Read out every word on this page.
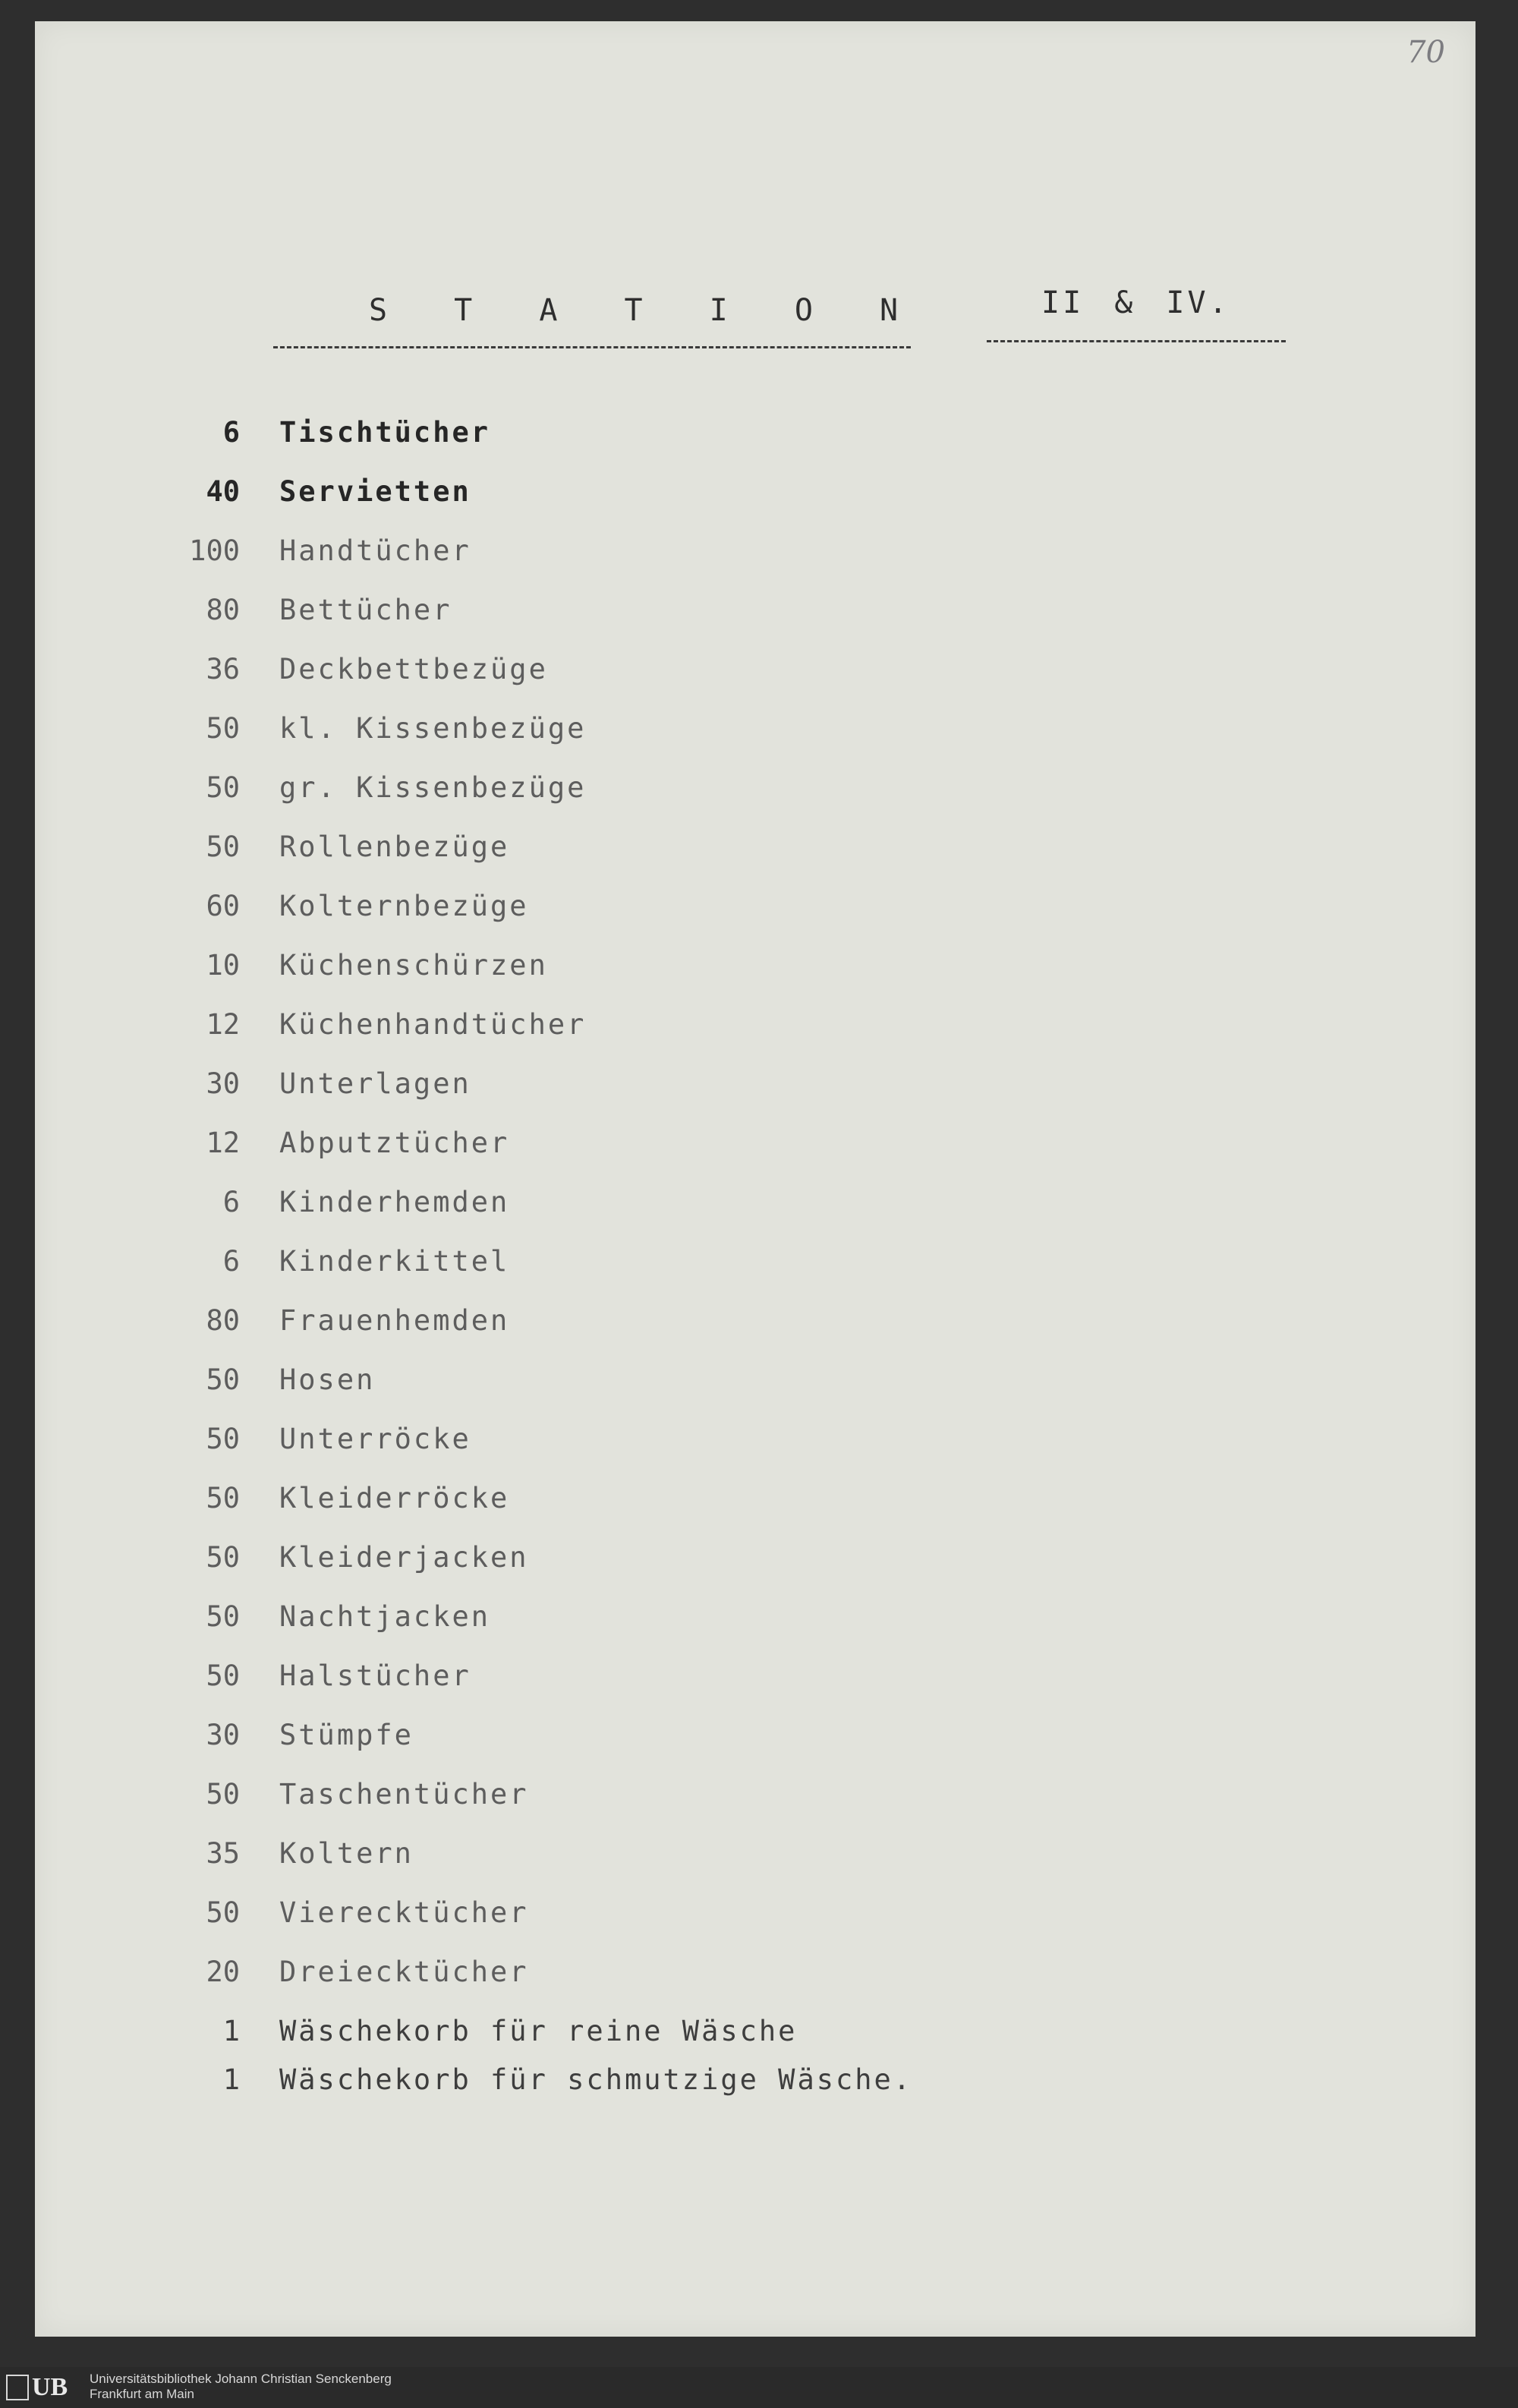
70
S T A T I O N	II & IV.
6	Tischtücher
40	Servietten
100	Handtücher
80	Bettücher
36	Deckbettbezüge
50	kl. Kissenbezüge
50	gr. Kissenbezüge
50	Rollenbezüge
60	Kolternbezüge
10	Küchenschürzen
12	Küchenhandtücher
30	Unterlagen
12	Abputztücher
6	Kinderhemden
6	Kinderkittel
80	Frauenhemden
50	Hosen
50	Unterröcke
50	Kleiderröcke
50	Kleiderjacken
50	Nachtjacken
50	Halstücher
30	Stümpfe
50	Taschentücher
35	Koltern
50	Vierecktücher
20	Dreiecktücher
1	Wäschekorb für reine Wäsche
1	Wäschekorb für schmutzige Wäsche.
UB Universitätsbibliothek Johann Christian Senckenberg
Frankfurt am Main
